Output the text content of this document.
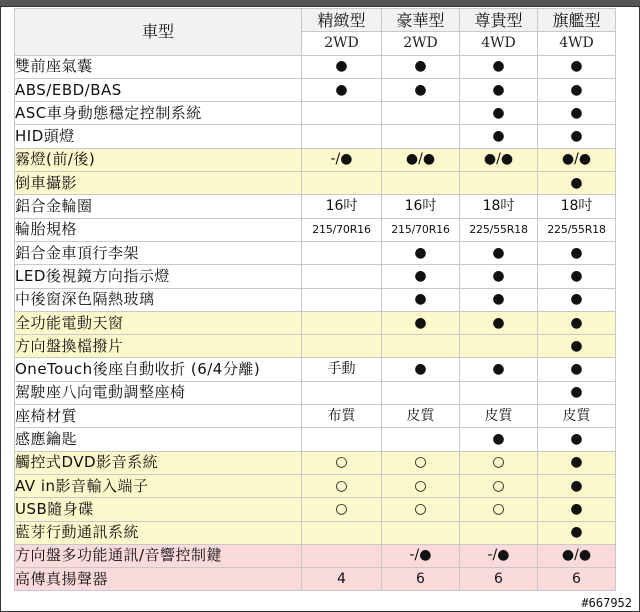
車型	精緻型	豪華型	尊貴型	旗艦型
	2WD	2WD	4WD	4WD
雙前座氣囊	●	●	●	●
ABS/EBD/BAS	●	●	●	●
ASC車身動態穩定控制系統			●	●
HID頭燈			●	●
霧燈(前/後)	-/●	●/●	●/●	●/●
倒車攝影				●
鋁合金輪圈	16吋	16吋	18吋	18吋
輪胎規格	215/70R16	215/70R16	225/55R18	225/55R18
鋁合金車頂行李架		●	●	●
LED後視鏡方向指示燈		●	●	●
中後窗深色隔熱玻璃		●	●	●
全功能電動天窗		●	●	●
方向盤換檔撥片				●
OneTouch後座自動收折 (6/4分離)	手動	●	●	●
駕駛座八向電動調整座椅				●
座椅材質	布質	皮質	皮質	皮質
感應鑰匙			●	●
觸控式DVD影音系統	○	○	○	●
AV in影音輸入端子	○	○	○	●
USB隨身碟	○	○	○	●
藍芽行動通訊系統				●
方向盤多功能通訊/音響控制鍵		-/●	-/●	●/●
高傳真揚聲器	4	6	6	6
#667952
